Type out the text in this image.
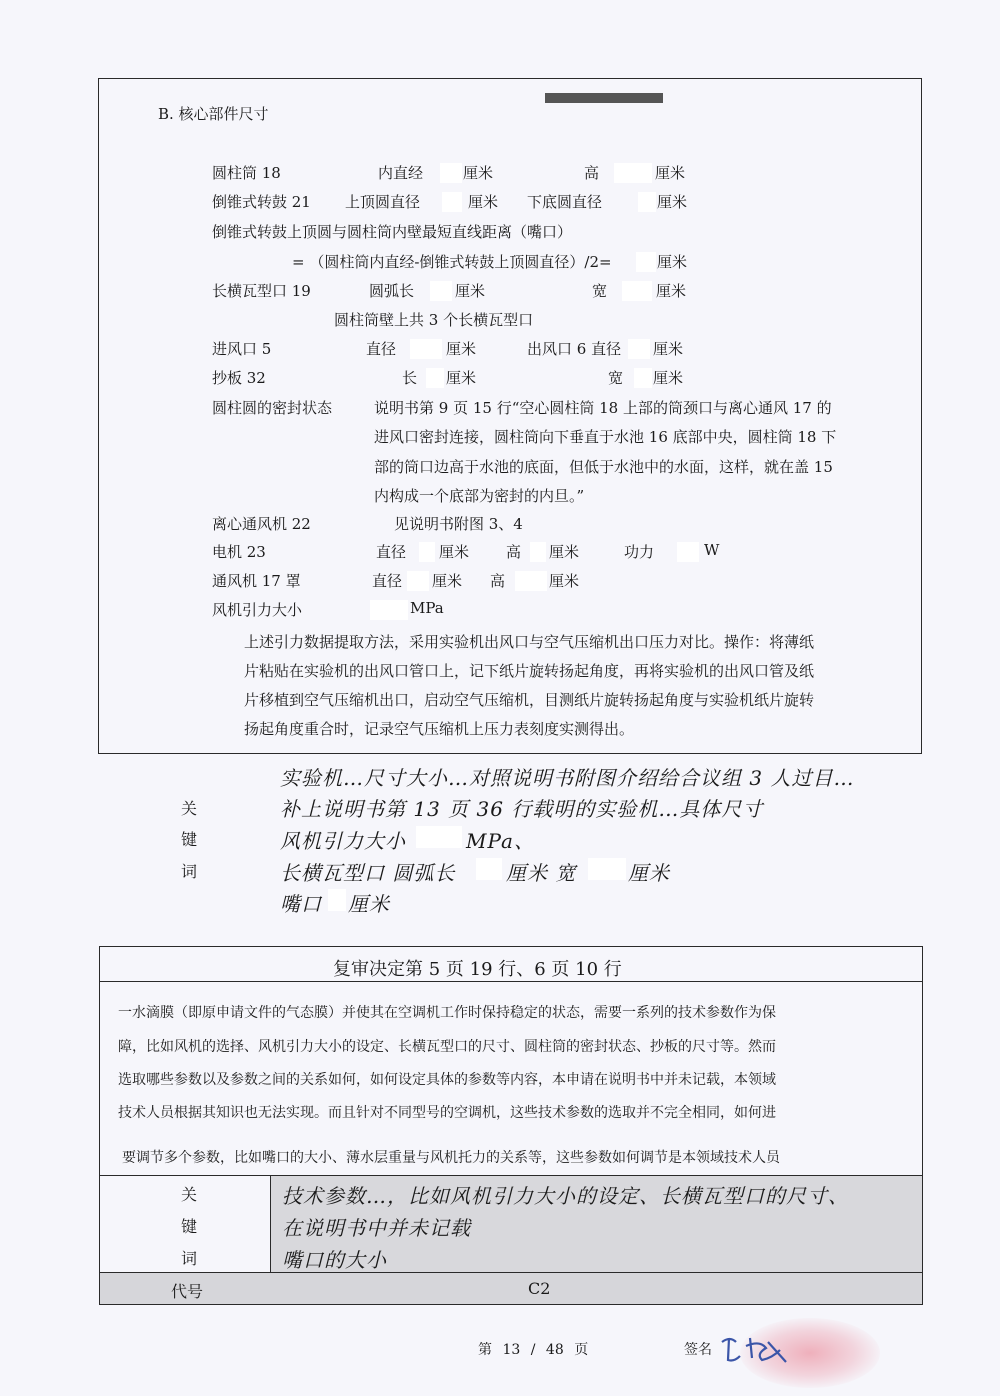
B. 核心部件尺寸
圆柱筒 18	内直经	厘米	高	厘米
倒锥式转鼓 21 上顶圆直径	厘米 下底圆直径	厘米
倒锥式转鼓上顶圆与圆柱筒内壁最短直线距离（嘴口）
= （圆柱筒内直经-倒锥式转鼓上顶圆直径）/2=	厘米
长横瓦型口 19	圆弧长	厘米	宽	厘米
圆柱筒壁上共 3 个长横瓦型口
进风口 5	直径	厘米	出风口 6 直径 厘米
抄板 32	长 厘米	宽 厘米
圆柱圆的密封状态	说明书第 9 页 15 行“空心圆柱筒 18 上部的筒颈口与离心通风 17 的
进风口密封连接，圆柱筒向下垂直于水池 16 底部中央，圆柱筒 18 下
部的筒口边高于水池的底面，但低于水池中的水面，这样，就在盖 15
内构成一个底部为密封的内旦。”
离心通风机 22	见说明书附图 3、4
电机 23	直径 厘米 高 厘米	功力	W
通风机 17 罩	直径 厘米 高	厘米
风机引力大小	MPa
上述引力数据提取方法，采用实验机出风口与空气压缩机出口压力对比。操作：将薄纸
片粘贴在实验机的出风口管口上，记下纸片旋转扬起角度，再将实验机的出风口管及纸
片移植到空气压缩机出口，启动空气压缩机，目测纸片旋转扬起角度与实验机纸片旋转
扬起角度重合时，记录空气压缩机上压力表刻度实测得出。
关
键
词
实验机…尺寸大小…对照说明书附图介绍给合议组 3 人过目…
补上说明书第 13 页 36 行载明的实验机…具体尺寸
风机引力大小	MPa、
长横瓦型口 圆弧长	厘米 宽	厘米
嘴口 厘米
复审决定第 5 页 19 行、6 页 10 行
一水滴膜（即原申请文件的气态膜）并使其在空调机工作时保持稳定的状态，需要一系列的技术参数作为保
障，比如风机的选择、风机引力大小的设定、长横瓦型口的尺寸、圆柱筒的密封状态、抄板的尺寸等。然而
选取哪些参数以及参数之间的关系如何，如何设定具体的参数等内容，本申请在说明书中并未记载，本领域
技术人员根据其知识也无法实现。而且针对不同型号的空调机，这些技术参数的选取并不完全相同，如何进
要调节多个参数，比如嘴口的大小、薄水层重量与风机托力的关系等，这些参数如何调节是本领域技术人员
关
键
词
技术参数…，比如风机引力大小的设定、长横瓦型口的尺寸、
在说明书中并未记载
嘴口的大小
代号	C2
第 13 / 48 页	签名
